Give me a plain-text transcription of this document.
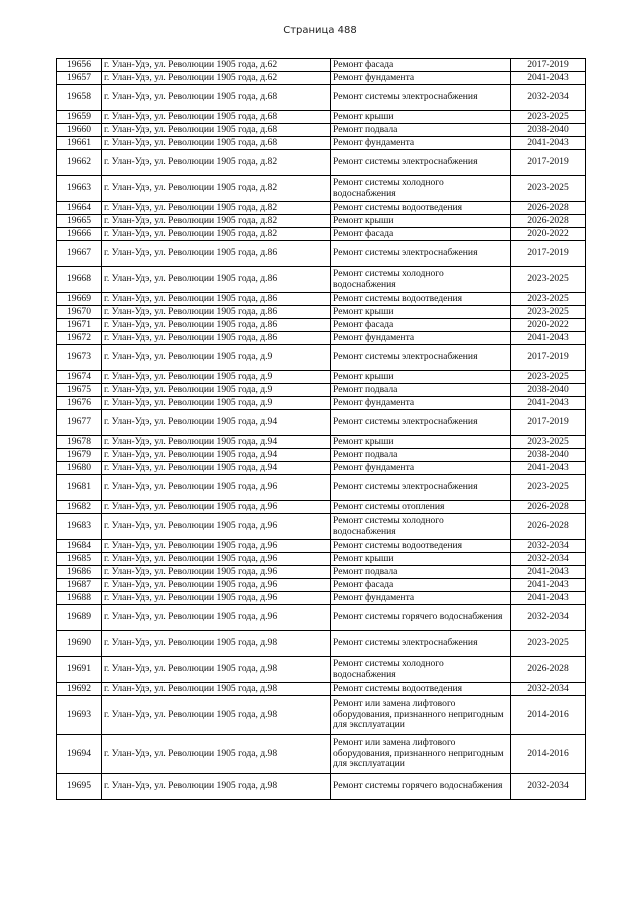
Страница 488
19656	г. Улан-Удэ, ул. Революции 1905 года, д.62	Ремонт фасада	2017-2019
19657	г. Улан-Удэ, ул. Революции 1905 года, д.62	Ремонт фундамента	2041-2043
19658	г. Улан-Удэ, ул. Революции 1905 года, д.68	Ремонт системы электроснабжения	2032-2034
19659	г. Улан-Удэ, ул. Революции 1905 года, д.68	Ремонт крыши	2023-2025
19660	г. Улан-Удэ, ул. Революции 1905 года, д.68	Ремонт подвала	2038-2040
19661	г. Улан-Удэ, ул. Революции 1905 года, д.68	Ремонт фундамента	2041-2043
19662	г. Улан-Удэ, ул. Революции 1905 года, д.82	Ремонт системы электроснабжения	2017-2019
19663	г. Улан-Удэ, ул. Революции 1905 года, д.82	Ремонт системы холодного водоснабжения	2023-2025
19664	г. Улан-Удэ, ул. Революции 1905 года, д.82	Ремонт системы водоотведения	2026-2028
19665	г. Улан-Удэ, ул. Революции 1905 года, д.82	Ремонт крыши	2026-2028
19666	г. Улан-Удэ, ул. Революции 1905 года, д.82	Ремонт фасада	2020-2022
19667	г. Улан-Удэ, ул. Революции 1905 года, д.86	Ремонт системы электроснабжения	2017-2019
19668	г. Улан-Удэ, ул. Революции 1905 года, д.86	Ремонт системы холодного водоснабжения	2023-2025
19669	г. Улан-Удэ, ул. Революции 1905 года, д.86	Ремонт системы водоотведения	2023-2025
19670	г. Улан-Удэ, ул. Революции 1905 года, д.86	Ремонт крыши	2023-2025
19671	г. Улан-Удэ, ул. Революции 1905 года, д.86	Ремонт фасада	2020-2022
19672	г. Улан-Удэ, ул. Революции 1905 года, д.86	Ремонт фундамента	2041-2043
19673	г. Улан-Удэ, ул. Революции 1905 года, д.9	Ремонт системы электроснабжения	2017-2019
19674	г. Улан-Удэ, ул. Революции 1905 года, д.9	Ремонт крыши	2023-2025
19675	г. Улан-Удэ, ул. Революции 1905 года, д.9	Ремонт подвала	2038-2040
19676	г. Улан-Удэ, ул. Революции 1905 года, д.9	Ремонт фундамента	2041-2043
19677	г. Улан-Удэ, ул. Революции 1905 года, д.94	Ремонт системы электроснабжения	2017-2019
19678	г. Улан-Удэ, ул. Революции 1905 года, д.94	Ремонт крыши	2023-2025
19679	г. Улан-Удэ, ул. Революции 1905 года, д.94	Ремонт подвала	2038-2040
19680	г. Улан-Удэ, ул. Революции 1905 года, д.94	Ремонт фундамента	2041-2043
19681	г. Улан-Удэ, ул. Революции 1905 года, д.96	Ремонт системы электроснабжения	2023-2025
19682	г. Улан-Удэ, ул. Революции 1905 года, д.96	Ремонт системы отопления	2026-2028
19683	г. Улан-Удэ, ул. Революции 1905 года, д.96	Ремонт системы холодного водоснабжения	2026-2028
19684	г. Улан-Удэ, ул. Революции 1905 года, д.96	Ремонт системы водоотведения	2032-2034
19685	г. Улан-Удэ, ул. Революции 1905 года, д.96	Ремонт крыши	2032-2034
19686	г. Улан-Удэ, ул. Революции 1905 года, д.96	Ремонт подвала	2041-2043
19687	г. Улан-Удэ, ул. Революции 1905 года, д.96	Ремонт фасада	2041-2043
19688	г. Улан-Удэ, ул. Революции 1905 года, д.96	Ремонт фундамента	2041-2043
19689	г. Улан-Удэ, ул. Революции 1905 года, д.96	Ремонт системы горячего водоснабжения	2032-2034
19690	г. Улан-Удэ, ул. Революции 1905 года, д.98	Ремонт системы электроснабжения	2023-2025
19691	г. Улан-Удэ, ул. Революции 1905 года, д.98	Ремонт системы холодного водоснабжения	2026-2028
19692	г. Улан-Удэ, ул. Революции 1905 года, д.98	Ремонт системы водоотведения	2032-2034
19693	г. Улан-Удэ, ул. Революции 1905 года, д.98	Ремонт или замена лифтового оборудования, признанного непригодным для эксплуатации	2014-2016
19694	г. Улан-Удэ, ул. Революции 1905 года, д.98	Ремонт или замена лифтового оборудования, признанного непригодным для эксплуатации	2014-2016
19695	г. Улан-Удэ, ул. Революции 1905 года, д.98	Ремонт системы горячего водоснабжения	2032-2034
